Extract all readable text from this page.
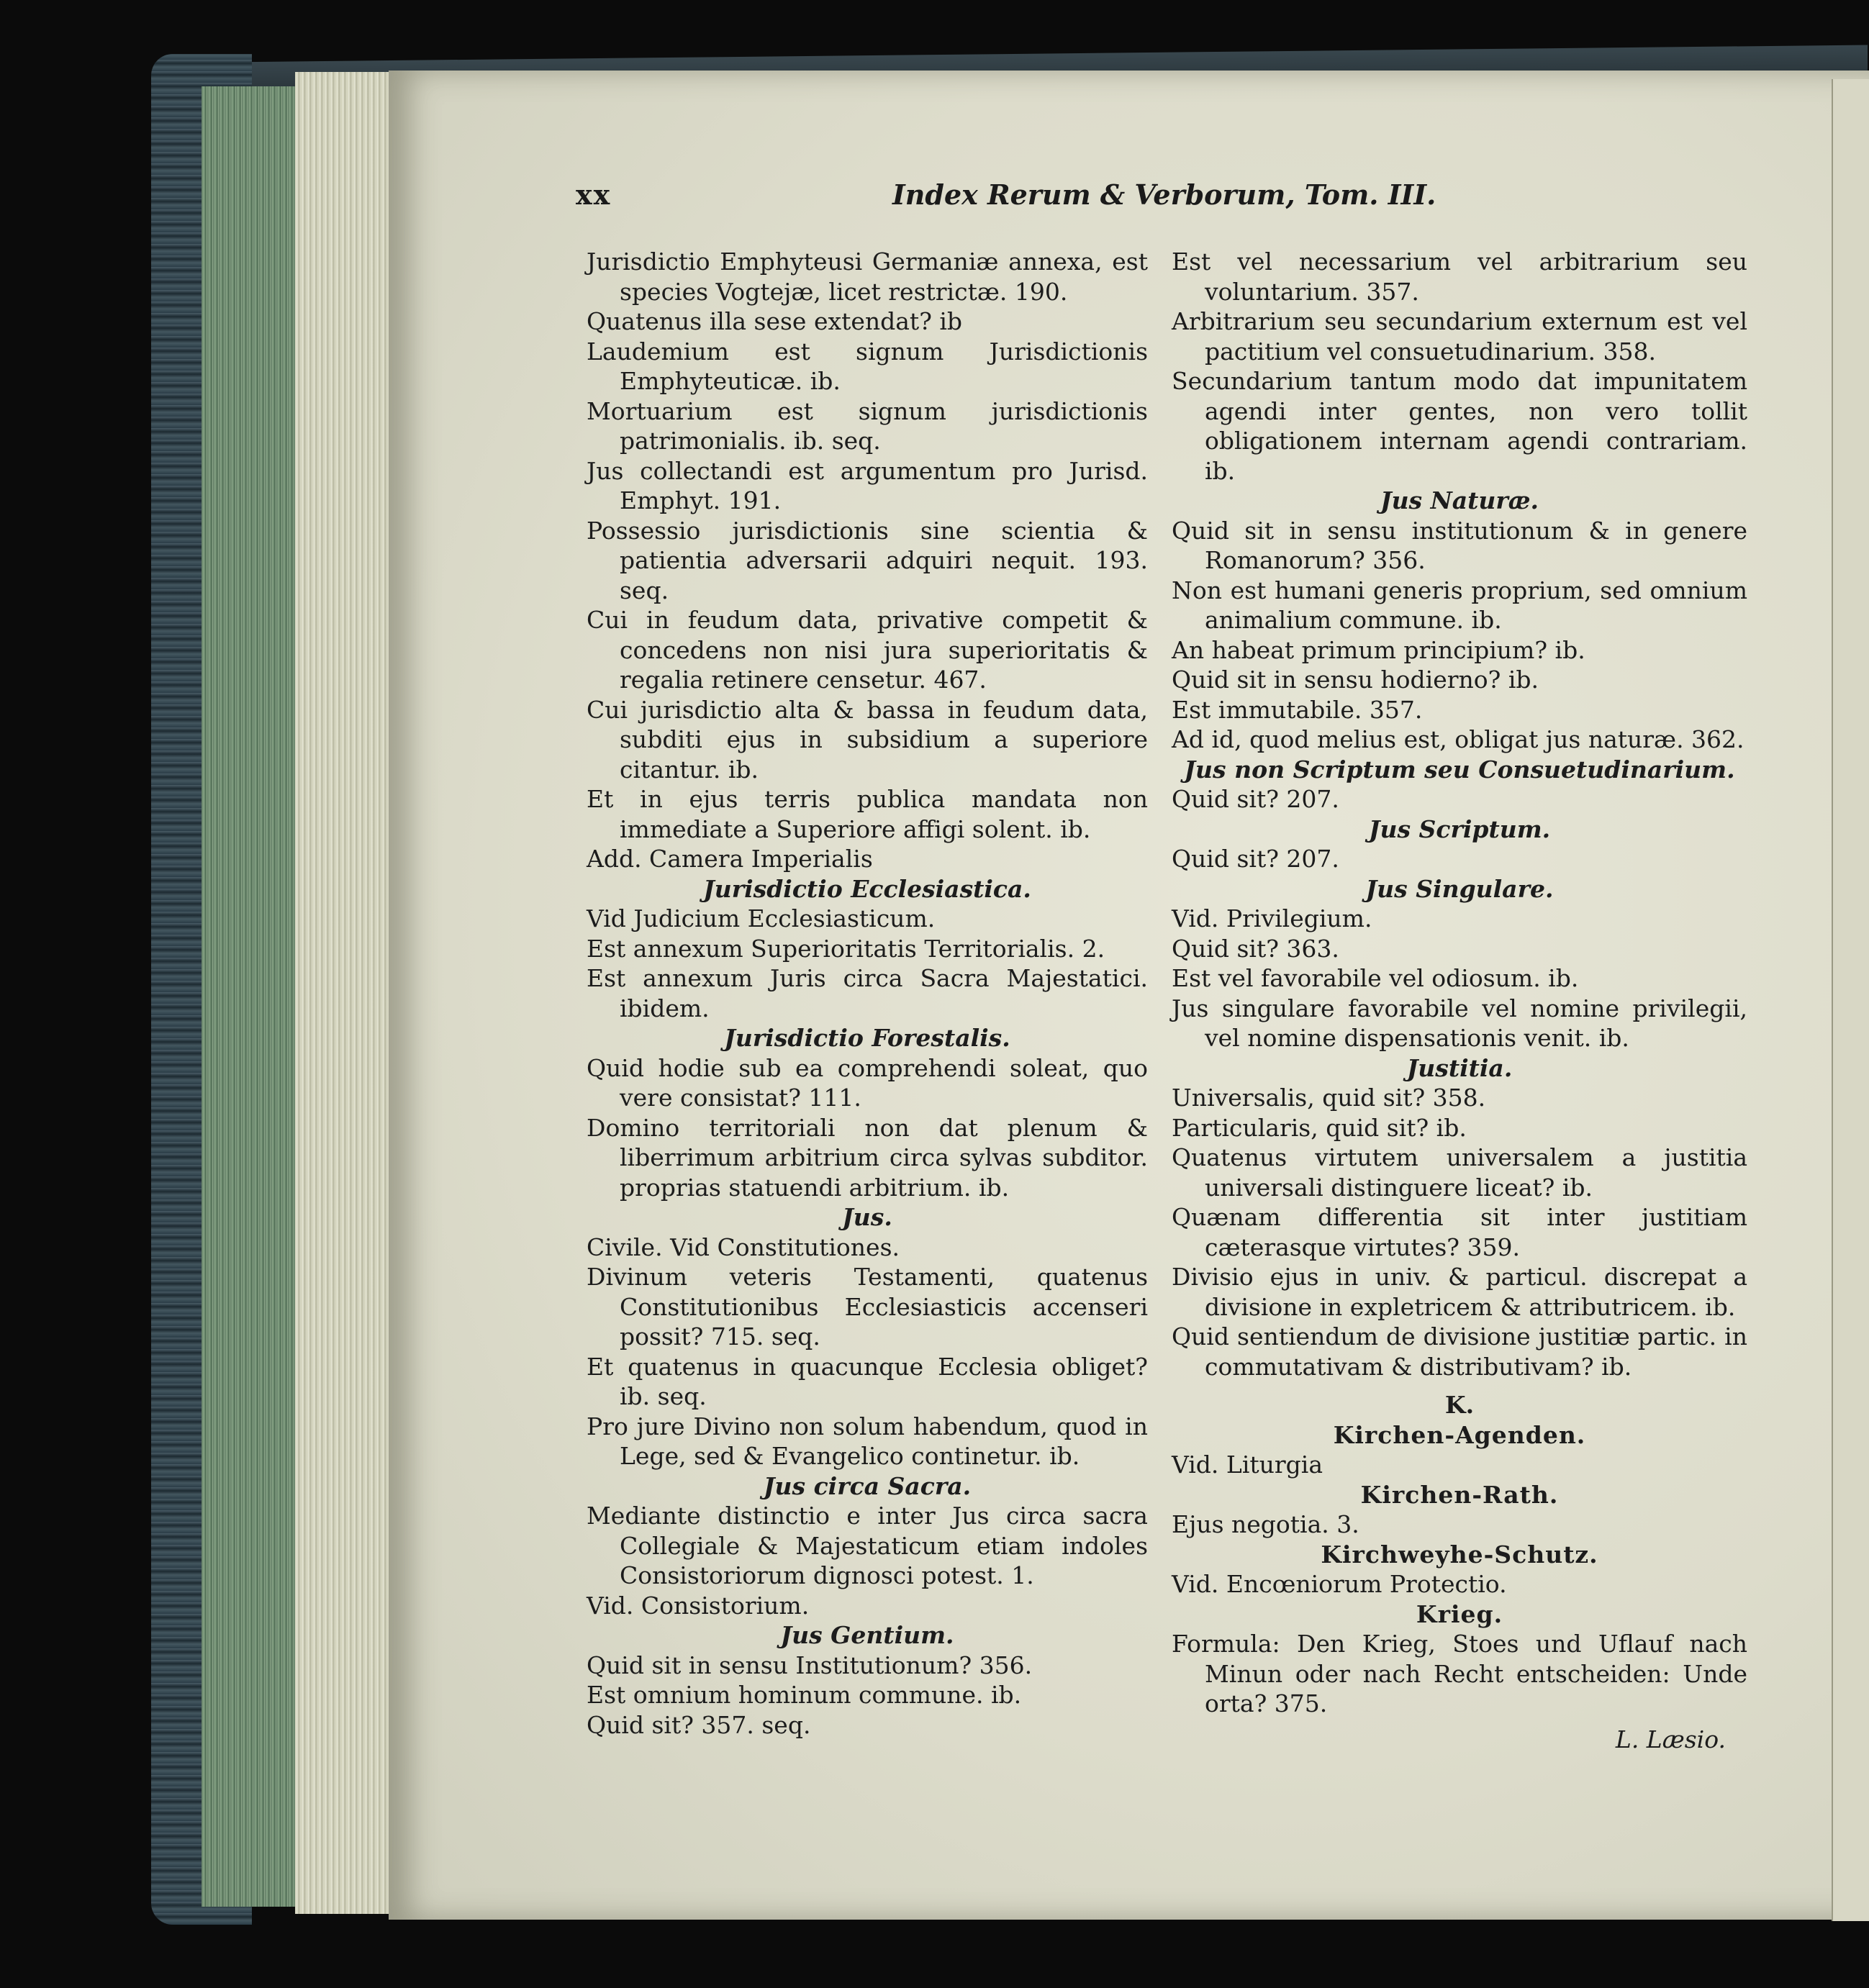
xx	Index Rerum & Verborum, Tom. III.
Jurisdictio Emphyteusi Germaniæ annexa, est species Vogtejæ, licet restrictæ. 190.
Quatenus illa sese extendat? ib
Laudemium est signum Jurisdictionis Emphyteuticæ. ib.
Mortuarium est signum jurisdictionis patrimonialis. ib. seq.
Jus collectandi est argumentum pro Jurisd. Emphyt. 191.
Possessio jurisdictionis sine scientia & patientia adversarii adquiri nequit. 193. seq.
Cui in feudum data, privative competit & concedens non nisi jura superioritatis & regalia retinere censetur. 467.
Cui jurisdictio alta & bassa in feudum data, subditi ejus in subsidium a superiore citantur. ib.
Et in ejus terris publica mandata non immediate a Superiore affigi solent. ib.
Add. Camera Imperialis
Jurisdictio Ecclesiastica.
Vid Judicium Ecclesiasticum.
Est annexum Superioritatis Territorialis. 2.
Est annexum Juris circa Sacra Majestatici. ibidem.
Jurisdictio Forestalis.
Quid hodie sub ea comprehendi soleat, quo vere consistat? 111.
Domino territoriali non dat plenum & liberrimum arbitrium circa sylvas subditor. proprias statuendi arbitrium. ib.
Jus.
Civile. Vid Constitutiones.
Divinum veteris Testamenti, quatenus Constitutionibus Ecclesiasticis accenseri possit? 715. seq.
Et quatenus in quacunque Ecclesia obliget? ib. seq.
Pro jure Divino non solum habendum, quod in Lege, sed & Evangelico continetur. ib.
Jus circa Sacra.
Mediante distinctio e inter Jus circa sacra Collegiale & Majestaticum etiam indoles Consistoriorum dignosci potest. 1.
Vid. Consistorium.
Jus Gentium.
Quid sit in sensu Institutionum? 356.
Est omnium hominum commune. ib.
Quid sit? 357. seq.
Est vel necessarium vel arbitrarium seu voluntarium. 357.
Arbitrarium seu secundarium externum est vel pactitium vel consuetudinarium. 358.
Secundarium tantum modo dat impunitatem agendi inter gentes, non vero tollit obligationem internam agendi contrariam. ib.
Jus Naturæ.
Quid sit in sensu institutionum & in genere Romanorum? 356.
Non est humani generis proprium, sed omnium animalium commune. ib.
An habeat primum principium? ib.
Quid sit in sensu hodierno? ib.
Est immutabile. 357.
Ad id, quod melius est, obligat jus naturæ. 362.
Jus non Scriptum seu Consuetudinarium.
Quid sit? 207.
Jus Scriptum.
Quid sit? 207.
Jus Singulare.
Vid. Privilegium.
Quid sit? 363.
Est vel favorabile vel odiosum. ib.
Jus singulare favorabile vel nomine privilegii, vel nomine dispensationis venit. ib.
Justitia.
Universalis, quid sit? 358.
Particularis, quid sit? ib.
Quatenus virtutem universalem a justitia universali distinguere liceat? ib.
Quænam differentia sit inter justitiam cæterasque virtutes? 359.
Divisio ejus in univ. & particul. discrepat a divisione in expletricem & attributricem. ib.
Quid sentiendum de divisione justitiæ partic. in commutativam & distributivam? ib.
K.
Kirchen-Agenden.
Vid. Liturgia
Kirchen-Rath.
Ejus negotia. 3.
Kirchweyhe-Schutz.
Vid. Encœniorum Protectio.
Krieg.
Formula: Den Krieg, Stoes und Uflauf nach Minun oder nach Recht entscheiden: Unde orta? 375.
L. Læsio.
